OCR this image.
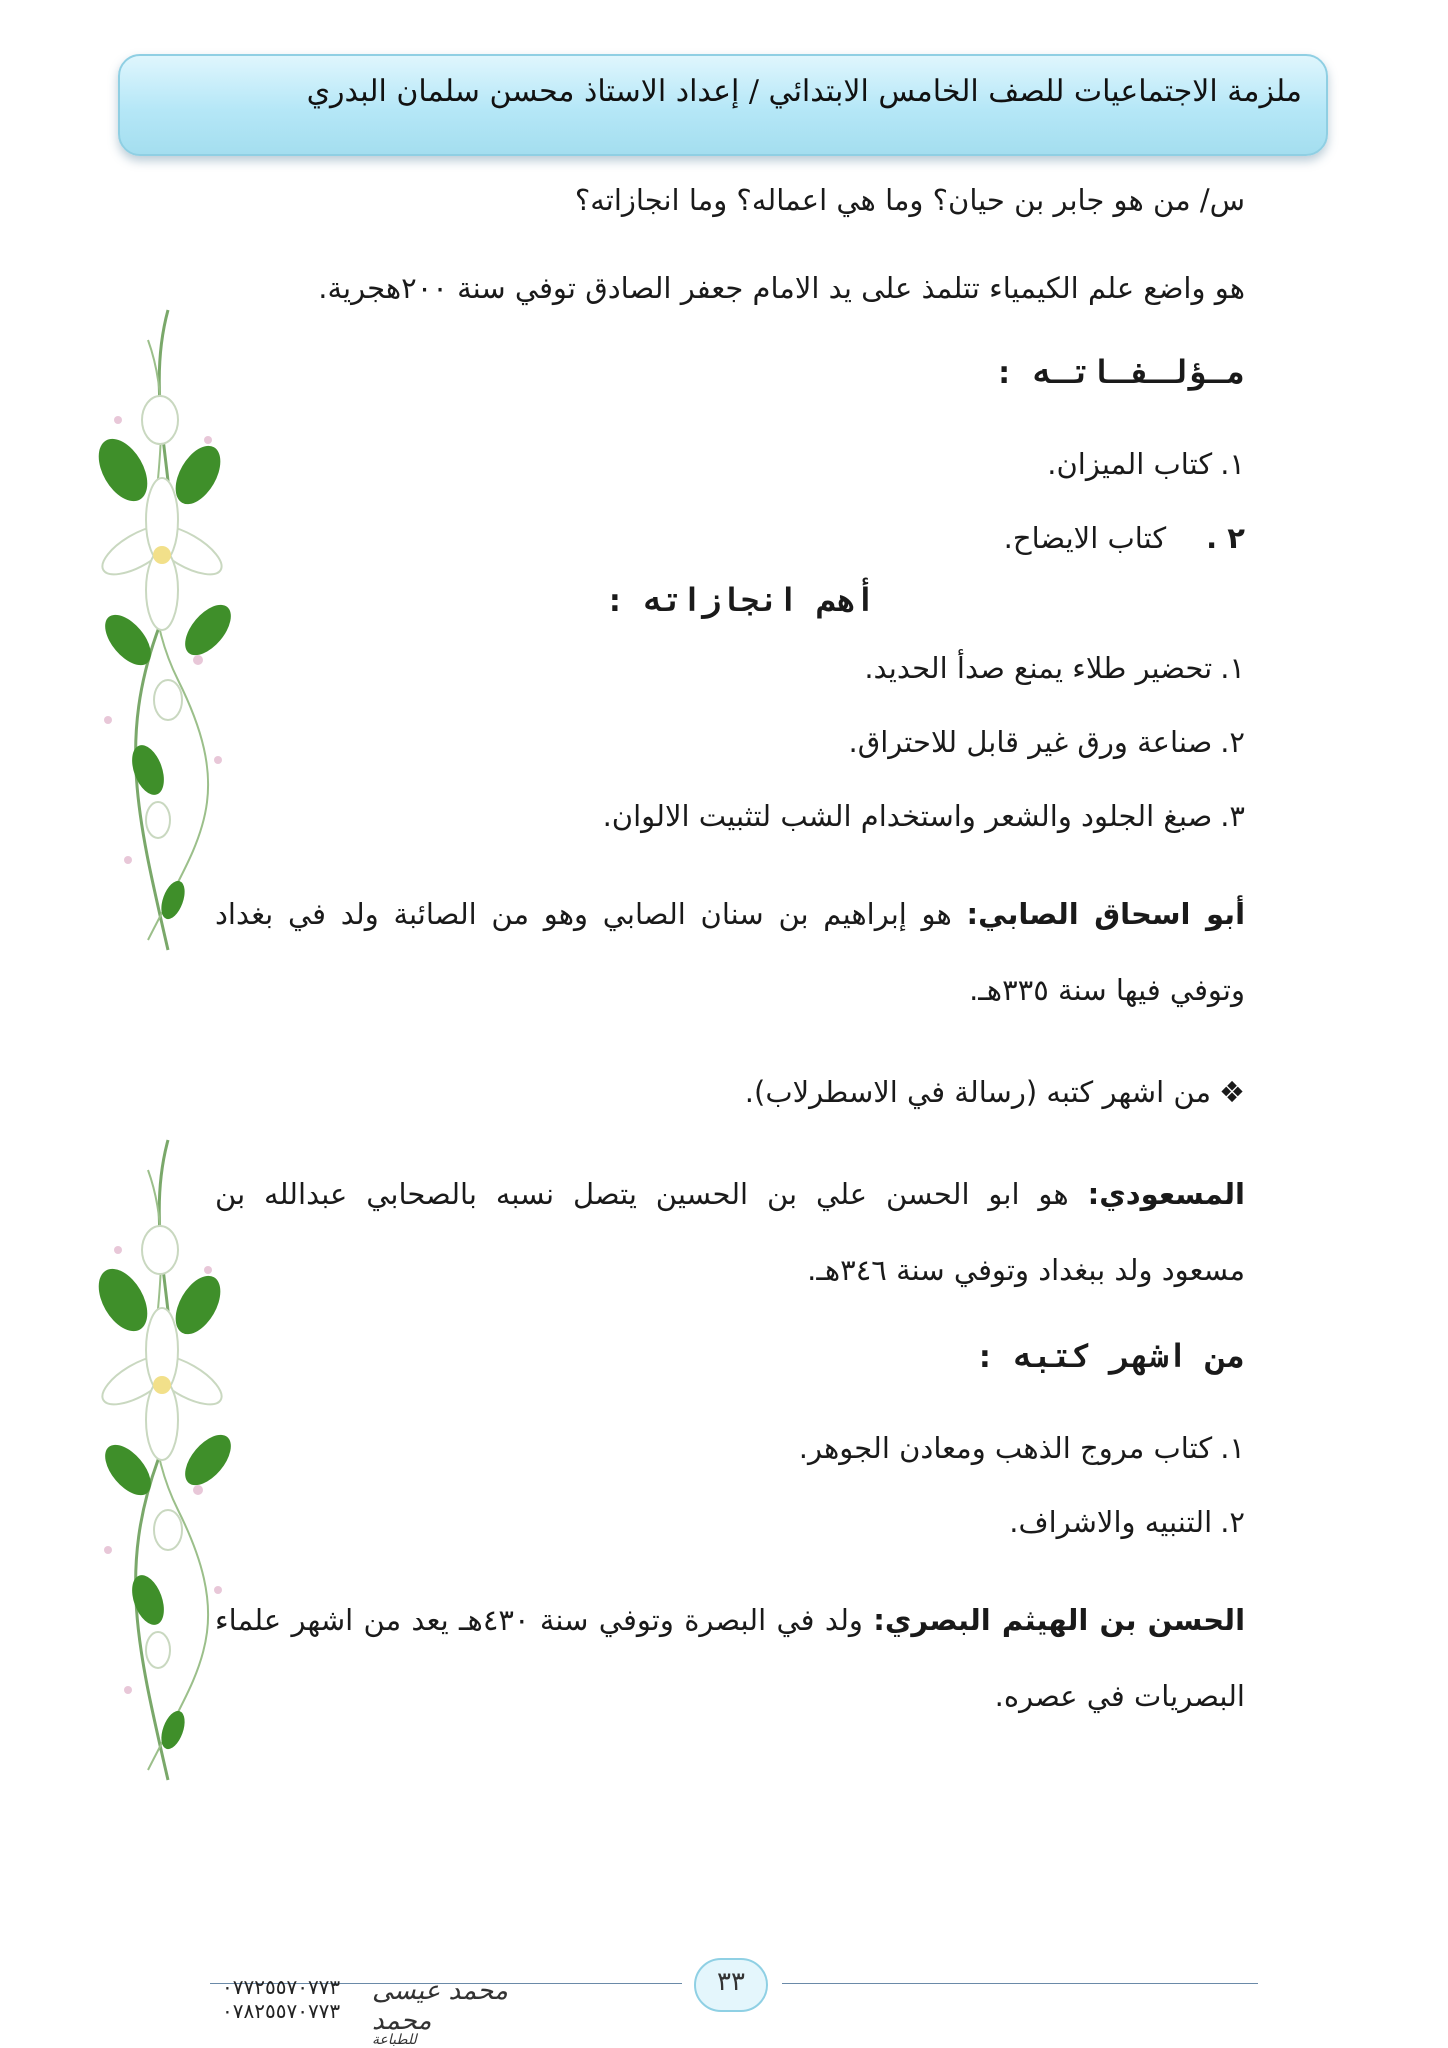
ملزمة الاجتماعيات للصف الخامس الابتدائي / إعداد الاستاذ محسن سلمان البدري
س/ من هو جابر بن حيان؟ وما هي اعماله؟ وما انجازاته؟
هو واضع علم الكيمياء تتلمذ على يد الامام جعفر الصادق توفي سنة ٢٠٠هجرية.
مـؤلـفـاتـه :
١.كتاب الميزان.
٢ .كتاب الايضاح.
أهم انجازاته :
١.تحضير طلاء يمنع صدأ الحديد.
٢.صناعة ورق غير قابل للاحتراق.
٣.صبغ الجلود والشعر واستخدام الشب لتثبيت الالوان.
أبو اسحاق الصابي: هو إبراهيم بن سنان الصابي وهو من الصائبة ولد في بغداد
وتوفي فيها سنة ٣٣٥هـ.
❖من اشهر كتبه (رسالة في الاسطرلاب).
المسعودي: هو ابو الحسن علي بن الحسين يتصل نسبه بالصحابي عبدالله بن
مسعود ولد ببغداد وتوفي سنة ٣٤٦هـ.
من اشهر كتبه :
١.كتاب مروج الذهب ومعادن الجوهر.
٢.التنبيه والاشراف.
الحسن بن الهيثم البصري: ولد في البصرة وتوفي سنة ٤٣٠هـ يعد من اشهر علماء
البصريات في عصره.
٣٣
٠٧٧٢٥٥٧٠٧٧٣
٠٧٨٢٥٥٧٠٧٧٣
محمد عيسى محمد
للطباعة
